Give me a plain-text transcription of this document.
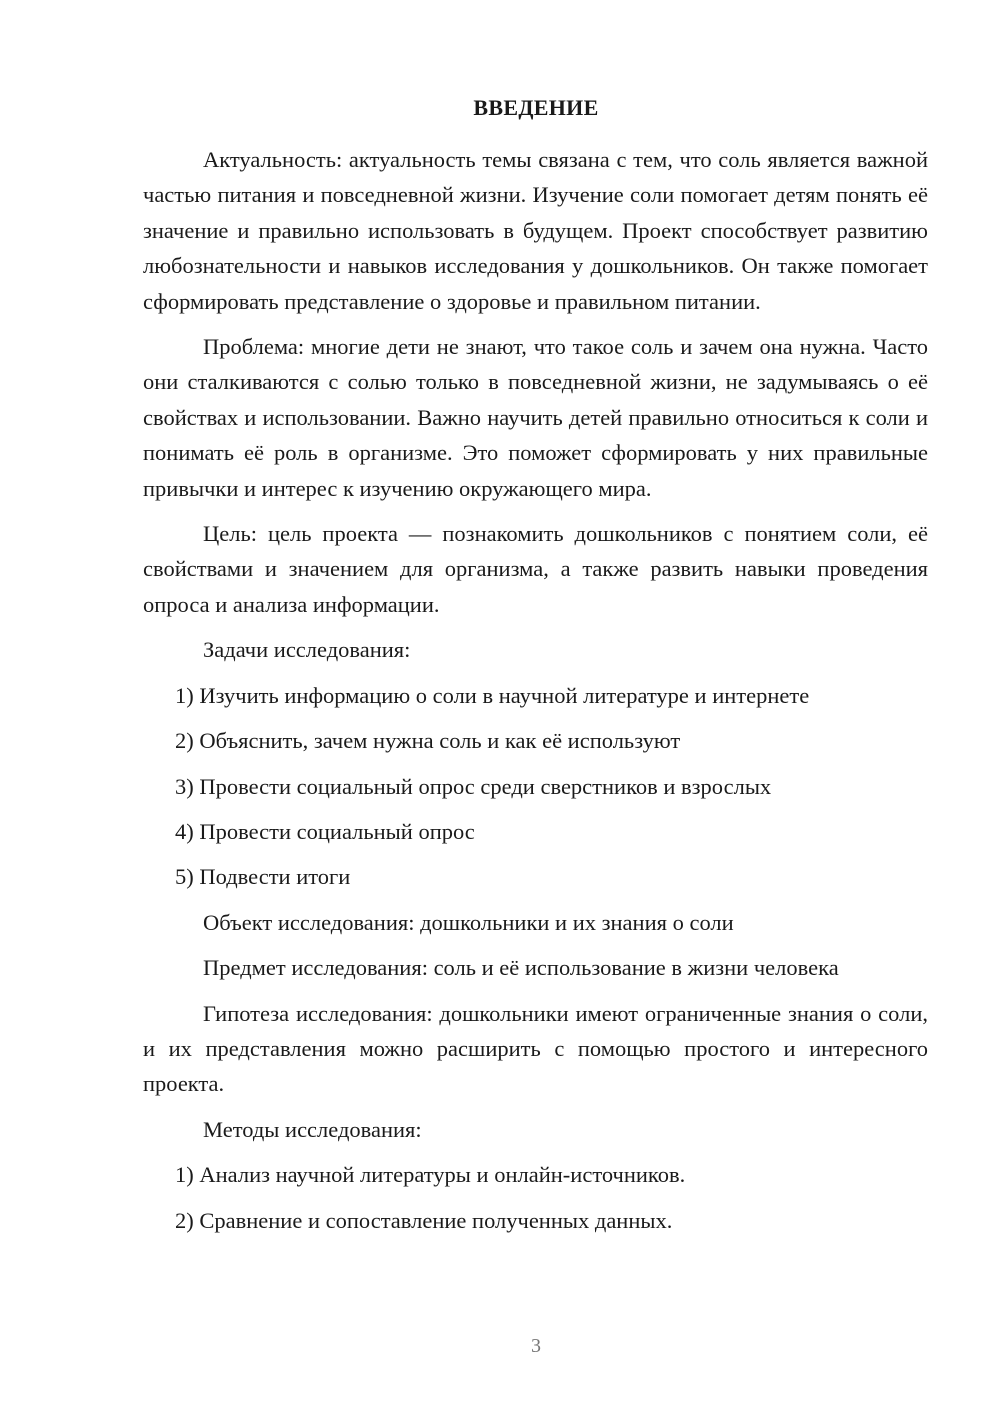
ВВЕДЕНИЕ

Актуальность: актуальность темы связана с тем, что соль является важной частью питания и повседневной жизни. Изучение соли помогает детям понять её значение и правильно использовать в будущем. Проект способствует развитию любознательности и навыков исследования у дошкольников. Он также помогает сформировать представление о здоровье и правильном питании.

Проблема: многие дети не знают, что такое соль и зачем она нужна. Часто они сталкиваются с солью только в повседневной жизни, не задумываясь о её свойствах и использовании. Важно научить детей правильно относиться к соли и понимать её роль в организме. Это поможет сформировать у них правильные привычки и интерес к изучению окружающего мира.

Цель: цель проекта — познакомить дошкольников с понятием соли, её свойствами и значением для организма, а также развить навыки проведения опроса и анализа информации.

Задачи исследования:

1) Изучить информацию о соли в научной литературе и интернете

2) Объяснить, зачем нужна соль и как её используют

3) Провести социальный опрос среди сверстников и взрослых

4) Провести социальный опрос

5) Подвести итоги

Объект исследования: дошкольники и их знания о соли

Предмет исследования: соль и её использование в жизни человека

Гипотеза исследования: дошкольники имеют ограниченные знания о соли, и их представления можно расширить с помощью простого и интересного проекта.

Методы исследования:

1) Анализ научной литературы и онлайн-источников.

2) Сравнение и сопоставление полученных данных.

3
